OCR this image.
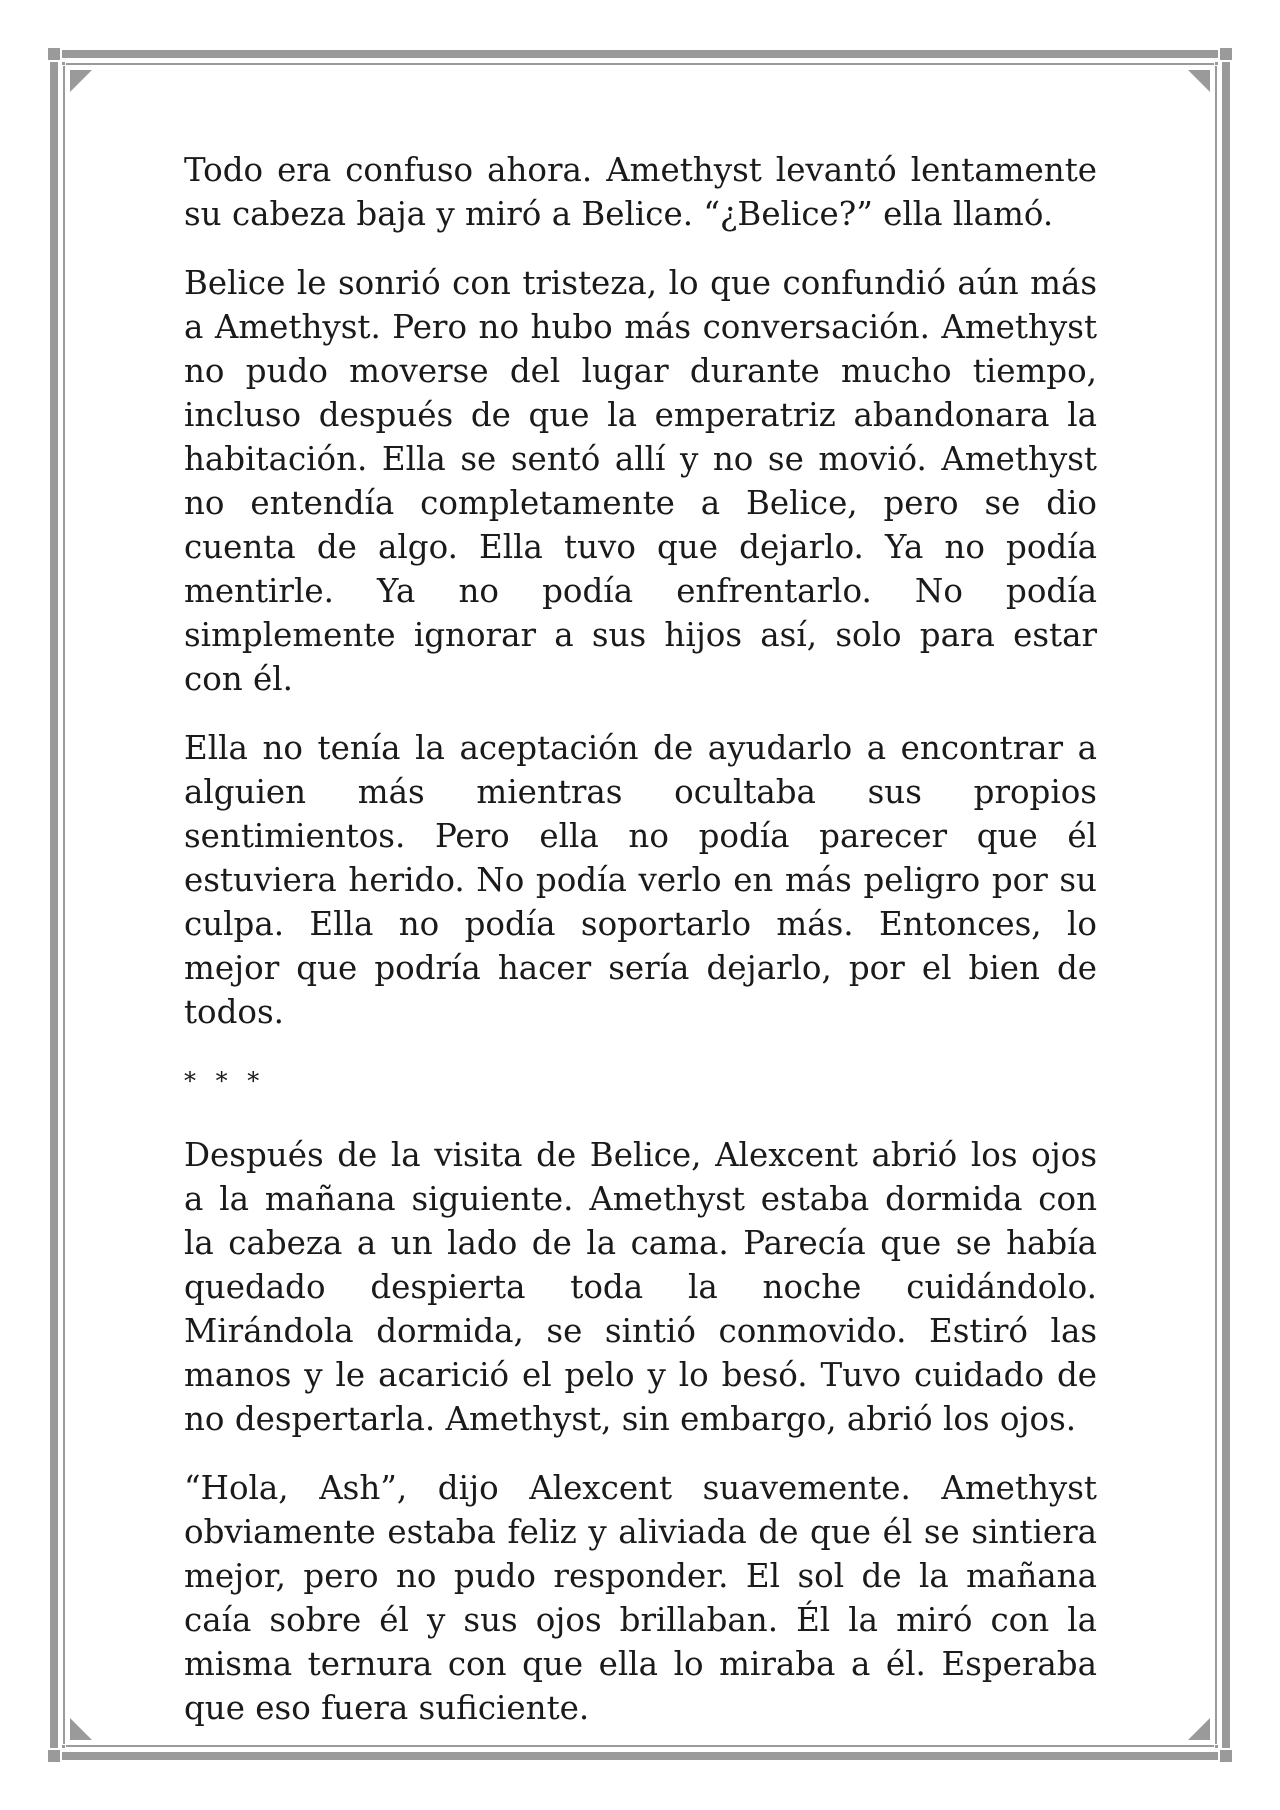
Todo era confuso ahora. Amethyst levantó lentamente su cabeza baja y miró a Belice. “¿Belice?” ella llamó.

Belice le sonrió con tristeza, lo que confundió aún más a Amethyst. Pero no hubo más conversación. Amethyst no pudo moverse del lugar durante mucho tiempo, incluso después de que la emperatriz abandonara la habitación. Ella se sentó allí y no se movió. Amethyst no entendía completamente a Belice, pero se dio cuenta de algo. Ella tuvo que dejarlo. Ya no podía mentirle. Ya no podía enfrentarlo. No podía simplemente ignorar a sus hijos así, solo para estar con él.

Ella no tenía la aceptación de ayudarlo a encontrar a alguien más mientras ocultaba sus propios sentimientos. Pero ella no podía parecer que él estuviera herido. No podía verlo en más peligro por su culpa. Ella no podía soportarlo más. Entonces, lo mejor que podría hacer sería dejarlo, por el bien de todos.

* * *

Después de la visita de Belice, Alexcent abrió los ojos a la mañana siguiente. Amethyst estaba dormida con la cabeza a un lado de la cama. Parecía que se había quedado despierta toda la noche cuidándolo. Mirándola dormida, se sintió conmovido. Estiró las manos y le acarició el pelo y lo besó. Tuvo cuidado de no despertarla. Amethyst, sin embargo, abrió los ojos.

“Hola, Ash”, dijo Alexcent suavemente. Amethyst obviamente estaba feliz y aliviada de que él se sintiera mejor, pero no pudo responder. El sol de la mañana caía sobre él y sus ojos brillaban. Él la miró con la misma ternura con que ella lo miraba a él. Esperaba que eso fuera suficiente.
